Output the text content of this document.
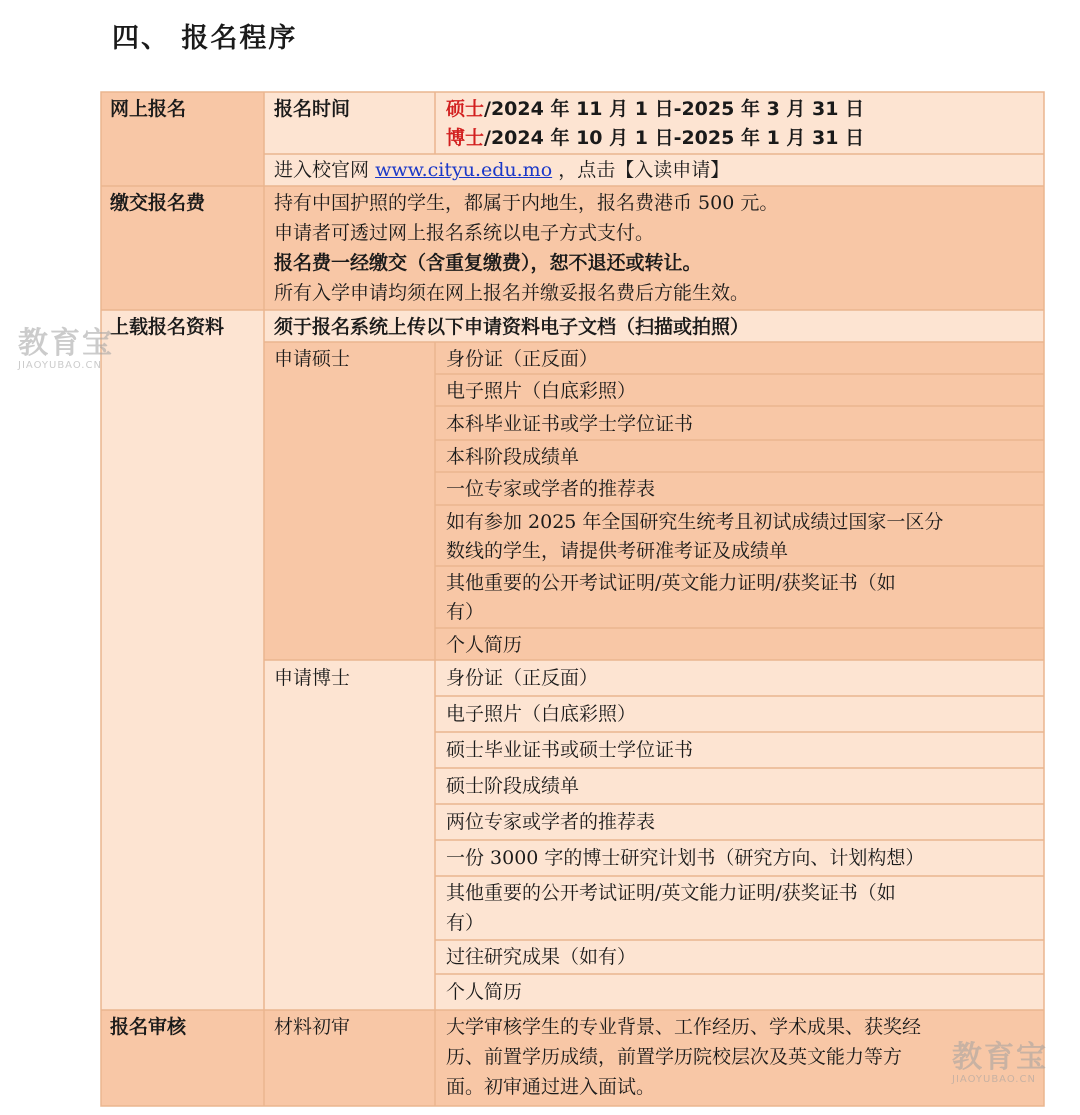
四、 报名程序
网上报名	报名时间	硕士/2024 年 11 月 1 日-2025 年 3 月 31 日
博士/2024 年 10 月 1 日-2025 年 1 月 31 日
进入校官网 www.cityu.edu.mo ，点击【入读申请】
缴交报名费	持有中国护照的学生，都属于内地生，报名费港币 500 元。
申请者可透过网上报名系统以电子方式支付。
报名费一经缴交（含重复缴费），恕不退还或转让。
所有入学申请均须在网上报名并缴妥报名费后方能生效。
上载报名资料	须于报名系统上传以下申请资料电子文档（扫描或拍照）
申请硕士	身份证（正反面）
电子照片（白底彩照）
本科毕业证书或学士学位证书
本科阶段成绩单
一位专家或学者的推荐表
如有参加 2025 年全国研究生统考且初试成绩过国家一区分
数线的学生，请提供考研准考证及成绩单
其他重要的公开考试证明/英文能力证明/获奖证书（如
有）
个人简历
申请博士	身份证（正反面）
电子照片（白底彩照）
硕士毕业证书或硕士学位证书
硕士阶段成绩单
两位专家或学者的推荐表
一份 3000 字的博士研究计划书（研究方向、计划构想）
其他重要的公开考试证明/英文能力证明/获奖证书（如
有）
过往研究成果（如有）
个人简历
报名审核	材料初审	大学审核学生的专业背景、工作经历、学术成果、获奖经
历、前置学历成绩，前置学历院校层次及英文能力等方
面。初审通过进入面试。
教育宝
JIAOYUBAO.CN
教育宝
JIAOYUBAO.CN
